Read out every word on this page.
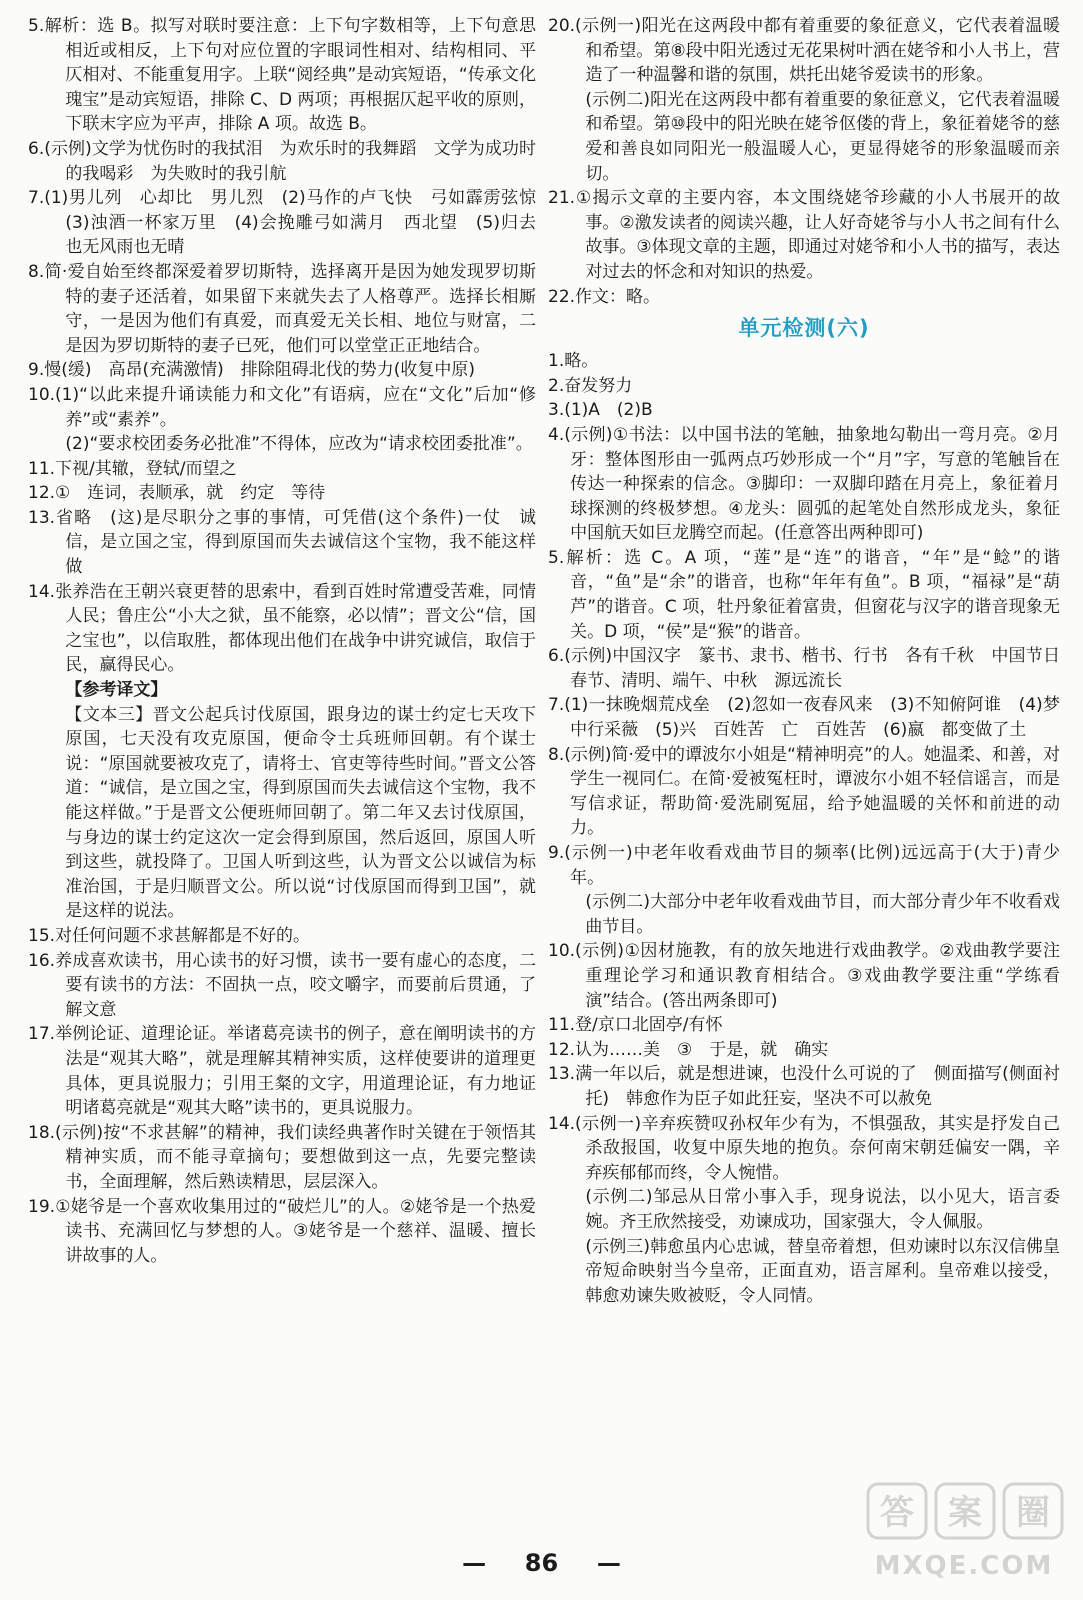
5.解析：选 B。拟写对联时要注意：上下句字数相等，上下句意思相近或相反，上下句对应位置的字眼词性相对、结构相同、平仄相对、不能重复用字。上联“阅经典”是动宾短语，“传承文化瑰宝”是动宾短语，排除 C、D 两项；再根据仄起平收的原则，下联末字应为平声，排除 A 项。故选 B。

6.(示例)文学为忧伤时的我拭泪　为欢乐时的我舞蹈　文学为成功时的我喝彩　为失败时的我引航

7.(1)男儿列　心却比　男儿烈　(2)马作的卢飞快　弓如霹雳弦惊　(3)浊酒一杯家万里　(4)会挽雕弓如满月　西北望　(5)归去　也无风雨也无晴

8.简·爱自始至终都深爱着罗切斯特，选择离开是因为她发现罗切斯特的妻子还活着，如果留下来就失去了人格尊严。选择长相厮守，一是因为他们有真爱，而真爱无关长相、地位与财富，二是因为罗切斯特的妻子已死，他们可以堂堂正正地结合。

9.慢(缓)　高昂(充满激情)　排除阻碍北伐的势力(收复中原)

10.(1)“以此来提升诵读能力和文化”有语病，应在“文化”后加“修养”或“素养”。

(2)“要求校团委务必批准”不得体，应改为“请求校团委批准”。

11.下视/其辙，登轼/而望之

12.①　连词，表顺承，就　约定　等待

13.省略　(这)是尽职分之事的事情，可凭借(这个条件)一仗　诚信，是立国之宝，得到原国而失去诚信这个宝物，我不能这样做

14.张养浩在王朝兴衰更替的思索中，看到百姓时常遭受苦难，同情人民；鲁庄公“小大之狱，虽不能察，必以情”；晋文公“信，国之宝也”，以信取胜，都体现出他们在战争中讲究诚信，取信于民，赢得民心。

【参考译文】

【文本三】晋文公起兵讨伐原国，跟身边的谋士约定七天攻下原国，七天没有攻克原国，便命令士兵班师回朝。有个谋士说：“原国就要被攻克了，请将士、官吏等待些时间。”晋文公答道：“诚信，是立国之宝，得到原国而失去诚信这个宝物，我不能这样做。”于是晋文公便班师回朝了。第二年又去讨伐原国，与身边的谋士约定这次一定会得到原国，然后返回，原国人听到这些，就投降了。卫国人听到这些，认为晋文公以诚信为标准治国，于是归顺晋文公。所以说“讨伐原国而得到卫国”，就是这样的说法。

15.对任何问题不求甚解都是不好的。

16.养成喜欢读书，用心读书的好习惯，读书一要有虚心的态度，二要有读书的方法：不固执一点，咬文嚼字，而要前后贯通，了解文意

17.举例论证、道理论证。举诸葛亮读书的例子，意在阐明读书的方法是“观其大略”，就是理解其精神实质，这样使要讲的道理更具体，更具说服力；引用王粲的文字，用道理论证，有力地证明诸葛亮就是“观其大略”读书的，更具说服力。

18.(示例)按“不求甚解”的精神，我们读经典著作时关键在于领悟其精神实质，而不能寻章摘句；要想做到这一点，先要完整读书，全面理解，然后熟读精思，层层深入。

19.①姥爷是一个喜欢收集用过的“破烂儿”的人。②姥爷是一个热爱读书、充满回忆与梦想的人。③姥爷是一个慈祥、温暖、擅长讲故事的人。

20.(示例一)阳光在这两段中都有着重要的象征意义，它代表着温暖和希望。第⑧段中阳光透过无花果树叶洒在姥爷和小人书上，营造了一种温馨和谐的氛围，烘托出姥爷爱读书的形象。

(示例二)阳光在这两段中都有着重要的象征意义，它代表着温暖和希望。第⑩段中的阳光映在姥爷伛偻的背上，象征着姥爷的慈爱和善良如同阳光一般温暖人心，更显得姥爷的形象温暖而亲切。

21.①揭示文章的主要内容，本文围绕姥爷珍藏的小人书展开的故事。②激发读者的阅读兴趣，让人好奇姥爷与小人书之间有什么故事。③体现文章的主题，即通过对姥爷和小人书的描写，表达对过去的怀念和对知识的热爱。

22.作文：略。

单元检测(六)

1.略。

2.奋发努力

3.(1)A　(2)B

4.(示例)①书法：以中国书法的笔触，抽象地勾勒出一弯月亮。②月牙：整体图形由一弧两点巧妙形成一个“月”字，写意的笔触旨在传达一种探索的信念。③脚印：一双脚印踏在月亮上，象征着月球探测的终极梦想。④龙头：圆弧的起笔处自然形成龙头，象征中国航天如巨龙腾空而起。(任意答出两种即可)

5.解析：选 C。A 项，“莲”是“连”的谐音，“年”是“鲶”的谐音，“鱼”是“余”的谐音，也称“年年有鱼”。B 项，“福禄”是“葫芦”的谐音。C 项，牡丹象征着富贵，但窗花与汉字的谐音现象无关。D 项，“侯”是“猴”的谐音。

6.(示例)中国汉字　篆书、隶书、楷书、行书　各有千秋　中国节日　春节、清明、端午、中秋　源远流长

7.(1)一抹晚烟荒戍垒　(2)忽如一夜春风来　(3)不知俯阿谁　(4)梦中行采薇　(5)兴　百姓苦　亡　百姓苦　(6)嬴　都变做了土

8.(示例)简·爱中的谭波尔小姐是“精神明亮”的人。她温柔、和善，对学生一视同仁。在简·爱被冤枉时，谭波尔小姐不轻信谣言，而是写信求证，帮助简·爱洗刷冤屈，给予她温暖的关怀和前进的动力。

9.(示例一)中老年收看戏曲节目的频率(比例)远远高于(大于)青少年。

(示例二)大部分中老年收看戏曲节目，而大部分青少年不收看戏曲节目。

10.(示例)①因材施教，有的放矢地进行戏曲教学。②戏曲教学要注重理论学习和通识教育相结合。③戏曲教学要注重“学练看演”结合。(答出两条即可)

11.登/京口北固亭/有怀

12.认为……美　③　于是，就　确实

13.满一年以后，就是想进谏，也没什么可说的了　侧面描写(侧面衬托)　韩愈作为臣子如此狂妄，坚决不可以赦免

14.(示例一)辛弃疾赞叹孙权年少有为，不惧强敌，其实是抒发自己杀敌报国，收复中原失地的抱负。奈何南宋朝廷偏安一隅，辛弃疾郁郁而终，令人惋惜。

(示例二)邹忌从日常小事入手，现身说法，以小见大，语言委婉。齐王欣然接受，劝谏成功，国家强大，令人佩服。

(示例三)韩愈虽内心忠诚，替皇帝着想，但劝谏时以东汉信佛皇帝短命映射当今皇帝，正面直劝，语言犀利。皇帝难以接受，韩愈劝谏失败被贬，令人同情。

— 86 —	MXQE.COM
答 案 圈
